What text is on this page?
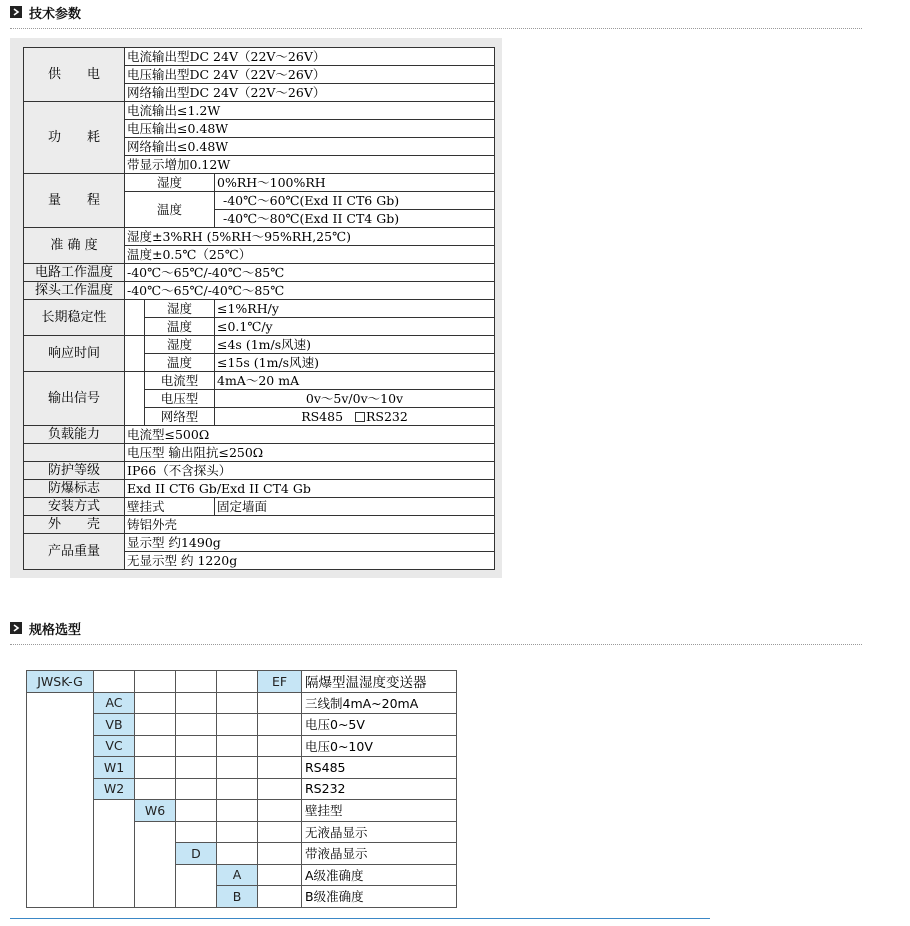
技术参数
供　　电	电流输出型DC 24V（22V～26V）		
	电压输出型DC 24V（22V～26V）		
	网络输出型DC 24V（22V～26V）		
功　　耗	电流输出≤1.2W		
	电压输出≤0.48W		
	网络输出≤0.48W		
	带显示增加0.12W		
量　　程	湿度		0%RH～100%RH
	温度		-40℃～60℃(Exd II CT6 Gb)
			-40℃～80℃(Exd II CT4 Gb)
准 确 度	湿度±3%RH (5%RH～95%RH,25℃)		
	温度±0.5℃（25℃）		
电路工作温度	-40℃～65℃/-40℃～85℃		
探头工作温度	-40℃～65℃/-40℃～85℃		
长期稳定性		湿度	≤1%RH/y
		温度	≤0.1℃/y
响应时间		湿度	≤4s (1m/s风速)
		温度	≤15s (1m/s风速)
输出信号		电流型	4mA～20 mA
		电压型	0v～5v/0v～10v
		网络型	RS485 RS232
负载能力	电流型≤500Ω		
	电压型 输出阻抗≤250Ω		
防护等级	IP66（不含探头）		
防爆标志	Exd II CT6 Gb/Exd II CT4 Gb		
安装方式	壁挂式		固定墙面
外　　壳	铸铝外壳		
产品重量	显示型 约1490g		
	无显示型 约 1220g		
规格选型
JWSK-G					EF	隔爆型温湿度变送器
	AC					三线制4mA~20mA
	VB					电压0~5V
	VC					电压0~10V
	W1					RS485
	W2					RS232
		W6				壁挂型
						无液晶显示
			D			带液晶显示
				A		A级准确度
				B		B级准确度
